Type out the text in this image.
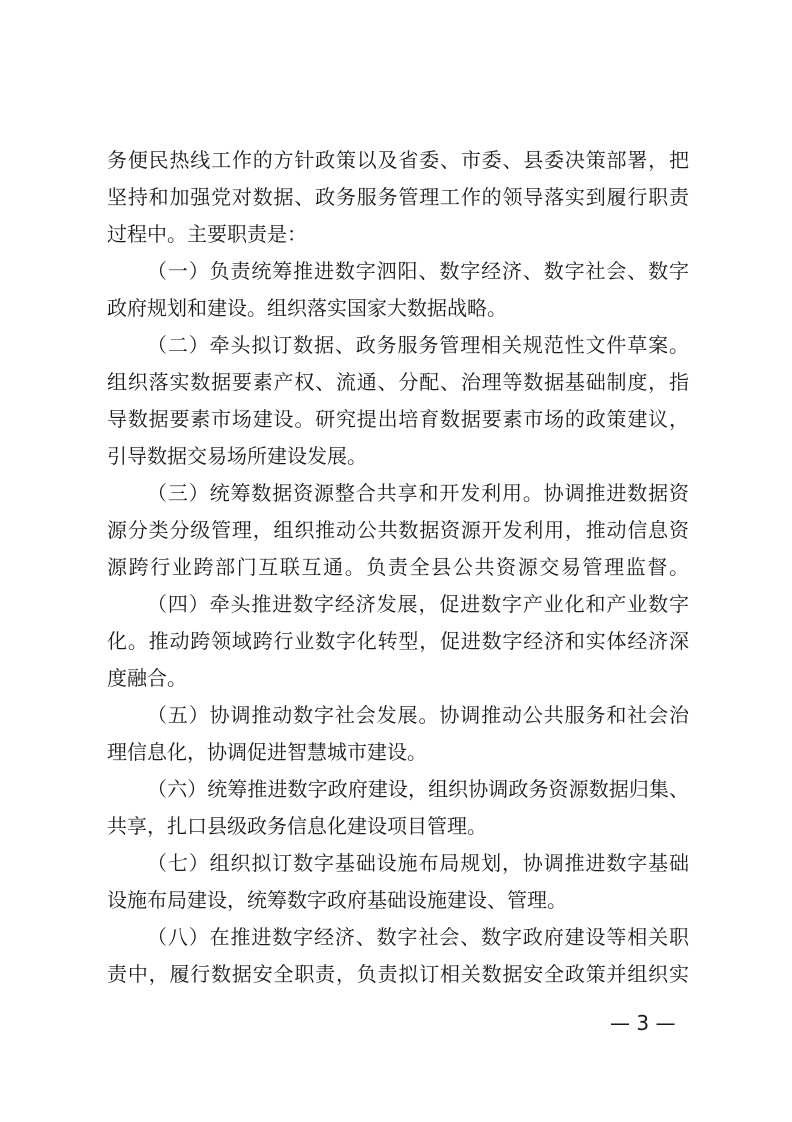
务便民热线工作的方针政策以及省委、市委、县委决策部署，把
坚持和加强党对数据、政务服务管理工作的领导落实到履行职责
过程中。主要职责是：
（一）负责统筹推进数字泗阳、数字经济、数字社会、数字
政府规划和建设。组织落实国家大数据战略。
（二）牵头拟订数据、政务服务管理相关规范性文件草案。
组织落实数据要素产权、流通、分配、治理等数据基础制度，指
导数据要素市场建设。研究提出培育数据要素市场的政策建议，
引导数据交易场所建设发展。
（三）统筹数据资源整合共享和开发利用。协调推进数据资
源分类分级管理，组织推动公共数据资源开发利用，推动信息资
源跨行业跨部门互联互通。负责全县公共资源交易管理监督。
（四）牵头推进数字经济发展，促进数字产业化和产业数字
化。推动跨领域跨行业数字化转型，促进数字经济和实体经济深
度融合。
（五）协调推动数字社会发展。协调推动公共服务和社会治
理信息化，协调促进智慧城市建设。
（六）统筹推进数字政府建设，组织协调政务资源数据归集、
共享，扎口县级政务信息化建设项目管理。
（七）组织拟订数字基础设施布局规划，协调推进数字基础
设施布局建设，统筹数字政府基础设施建设、管理。
（八）在推进数字经济、数字社会、数字政府建设等相关职
责中，履行数据安全职责，负责拟订相关数据安全政策并组织实
— 3 —
